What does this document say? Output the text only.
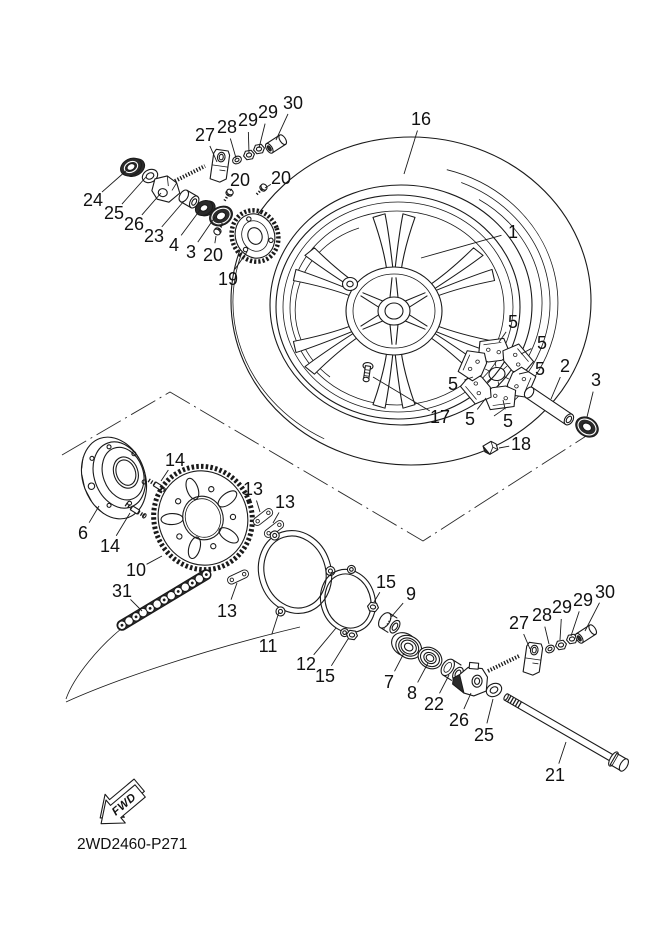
FWD
2WD2460-P271
27 28 29 29 30
24
25
26
23 4 3 20
19
20 20
16
1
17
5
5
5
5
5 5
2
3
18
6
14
14
10
31
13
13
13
11
12
15
15
9
7
8
22
26
25
27 28 29 29 30
21
